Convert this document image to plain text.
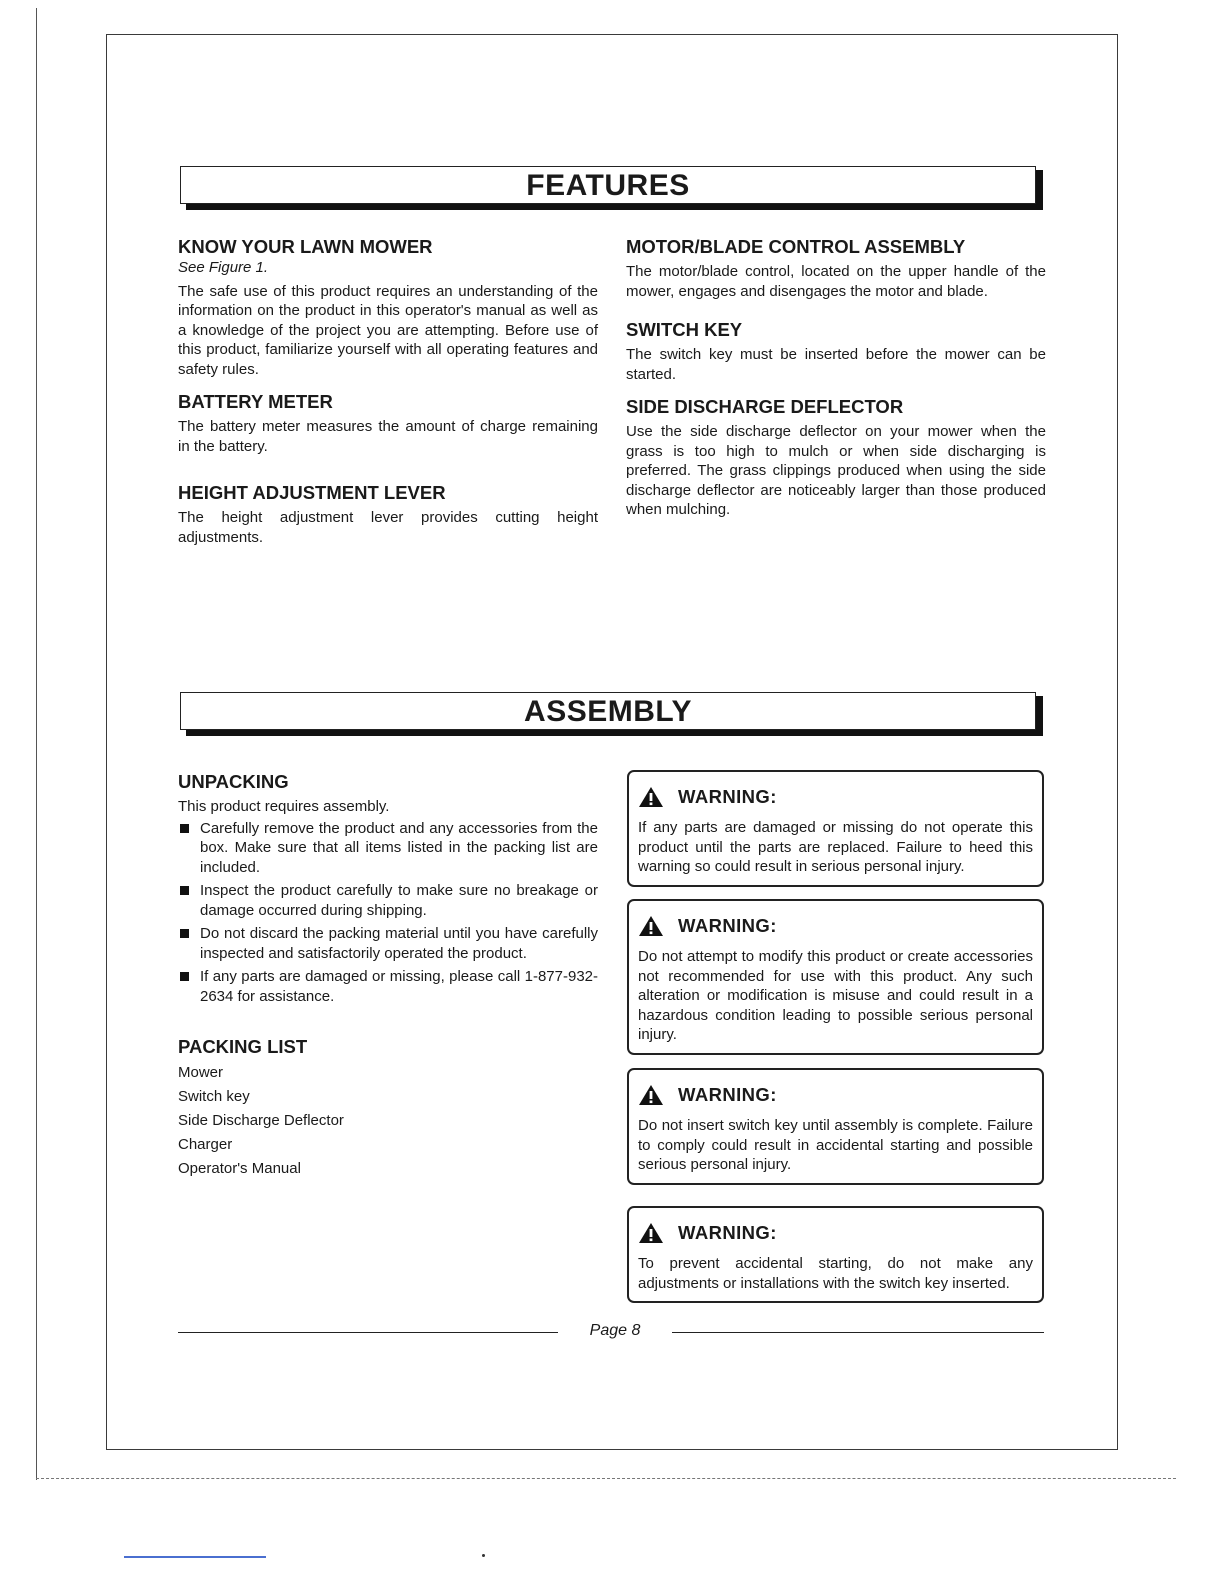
FEATURES
KNOW YOUR LAWN MOWER

See Figure 1.

The safe use of this product requires an understanding of the information on the product in this operator's manual as well as a knowledge of the project you are attempting. Before use of this product, familiarize yourself with all operating features and safety rules.

BATTERY METER

The battery meter measures the amount of charge remaining in the battery.

HEIGHT ADJUSTMENT LEVER

The height adjustment lever provides cutting height adjustments.

MOTOR/BLADE CONTROL ASSEMBLY

The motor/blade control, located on the upper handle of the mower, engages and disengages the motor and blade.

SWITCH KEY

The switch key must be inserted before the mower can be started.

SIDE DISCHARGE DEFLECTOR

Use the side discharge deflector on your mower when the grass is too high to mulch or when side discharging is preferred. The grass clippings produced when using the side discharge deflector are noticeably larger than those produced when mulching.

ASSEMBLY
UNPACKING

This product requires assembly.

Carefully remove the product and any accessories from the box. Make sure that all items listed in the packing list are included.
Inspect the product carefully to make sure no breakage or damage occurred during shipping.
Do not discard the packing material until you have carefully inspected and satisfactorily operated the product.
If any parts are damaged or missing, please call 1-877-932-2634 for assistance.
PACKING LIST
Mower
Switch key
Side Discharge Deflector
Charger
Operator's Manual
WARNING:

If any parts are damaged or missing do not operate this product until the parts are replaced. Failure to heed this warning so could result in serious personal injury.

WARNING:

Do not attempt to modify this product or create accessories not recommended for use with this product. Any such alteration or modification is misuse and could result in a hazardous condition leading to possible serious personal injury.

WARNING:

Do not insert switch key until assembly is complete. Failure to comply could result in accidental starting and possible serious personal injury.

WARNING:

To prevent accidental starting, do not make any adjustments or installations with the switch key inserted.

Page 8
